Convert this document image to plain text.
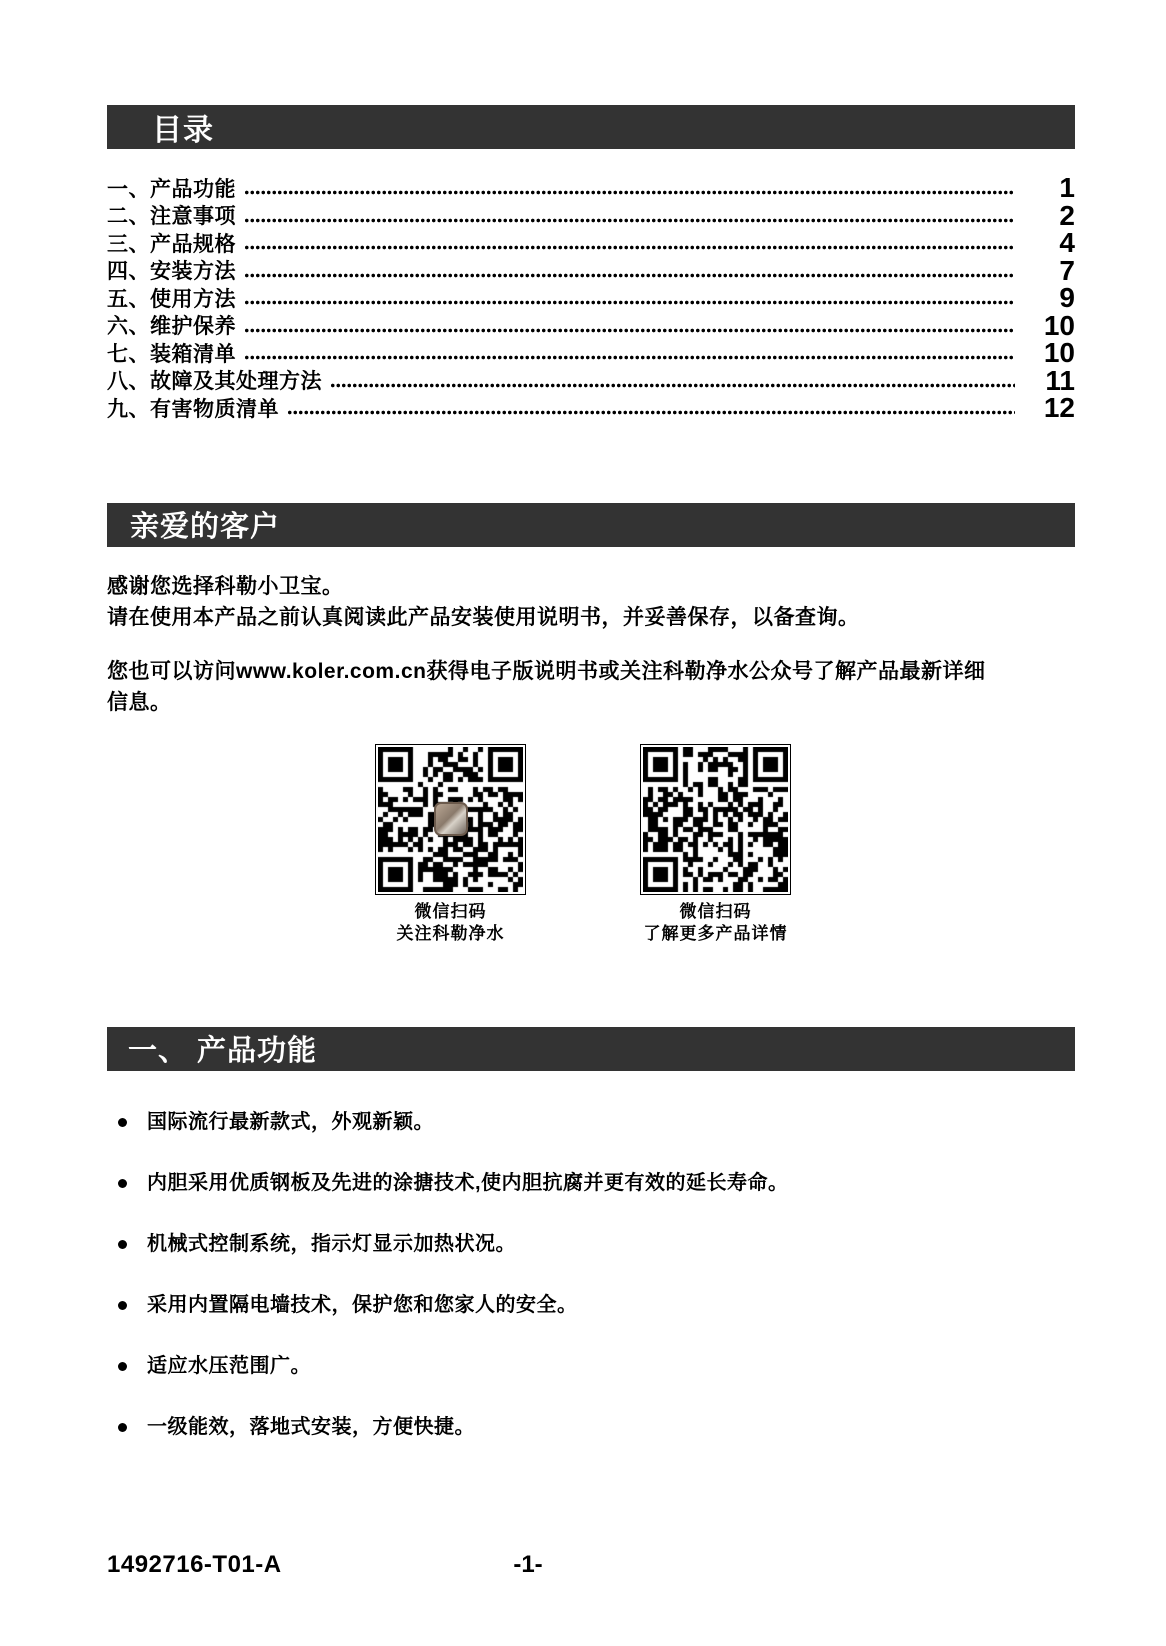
目录
一、产品功能	1
二、注意事项	2
三、产品规格	4
四、安装方法	7
五、使用方法	9
六、维护保养	10
七、装箱清单	10
八、故障及其处理方法	11
九、有害物质清单	12
亲爱的客户
感谢您选择科勒小卫宝。
请在使用本产品之前认真阅读此产品安装使用说明书，并妥善保存，以备查询。
您也可以访问www.koler.com.cn获得电子版说明书或关注科勒净水公众号了解产品最新详细
信息。
微信扫码
关注科勒净水
微信扫码
了解更多产品详情
一、 产品功能
国际流行最新款式，外观新颖。
内胆采用优质钢板及先进的涂搪技术,使内胆抗腐并更有效的延长寿命。
机械式控制系统，指示灯显示加热状况。
采用内置隔电墙技术，保护您和您家人的安全。
适应水压范围广。
一级能效，落地式安装，方便快捷。
1492716-T01-A	-1-
